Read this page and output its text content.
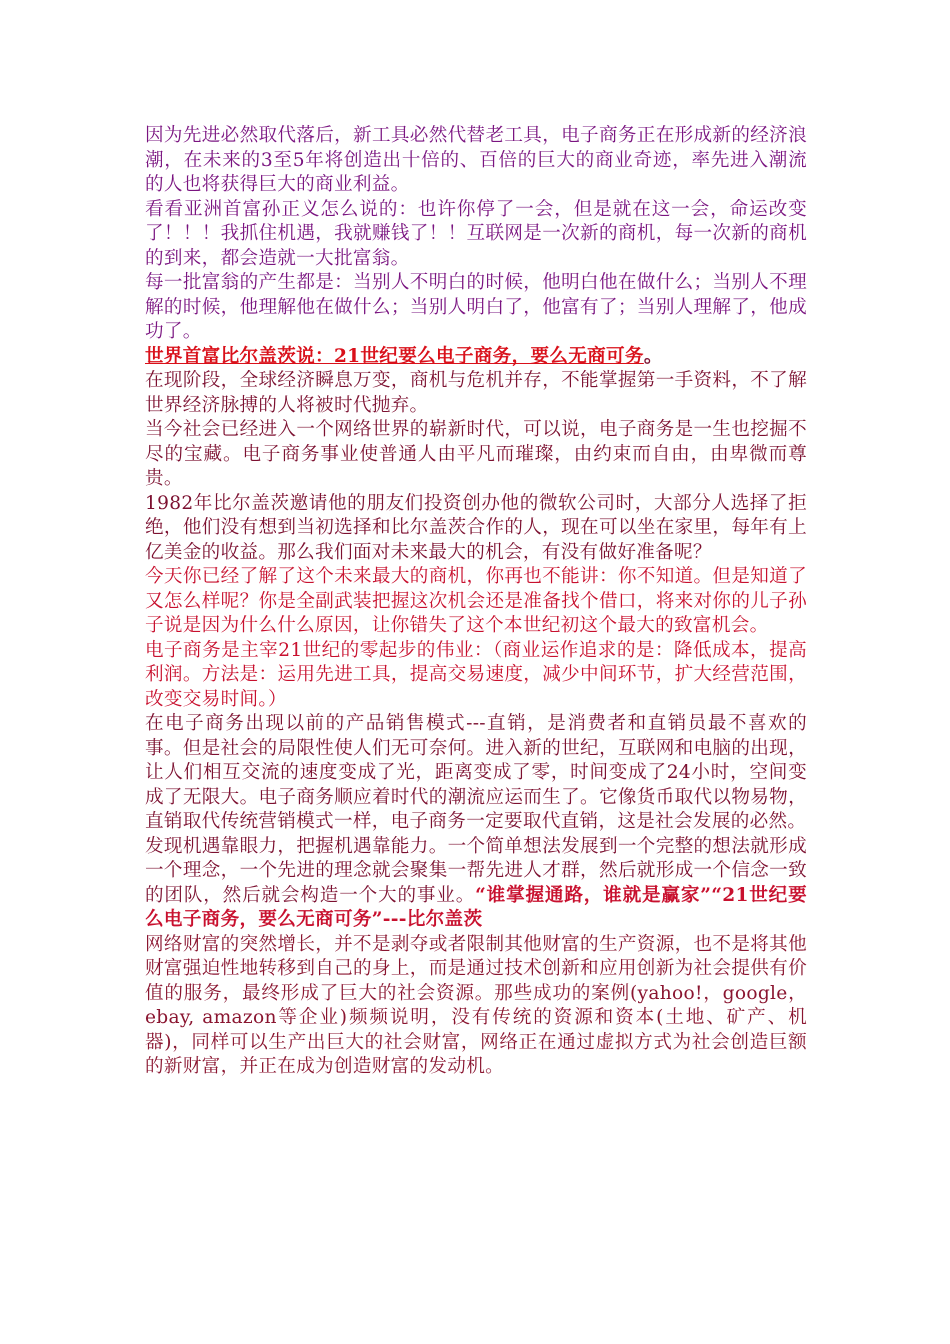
因为先进必然取代落后，新工具必然代替老工具，电子商务正在形成新的经济浪潮，在未来的3至5年将创造出十倍的、百倍的巨大的商业奇迹，率先进入潮流的人也将获得巨大的商业利益。

看看亚洲首富孙正义怎么说的：也许你停了一会，但是就在这一会，命运改变了！！！我抓住机遇，我就赚钱了！！互联网是一次新的商机，每一次新的商机的到来，都会造就一大批富翁。

每一批富翁的产生都是：当别人不明白的时候，他明白他在做什么；当别人不理解的时候，他理解他在做什么；当别人明白了，他富有了；当别人理解了，他成功了。

世界首富比尔盖茨说：21世纪要么电子商务，要么无商可务。

在现阶段，全球经济瞬息万变，商机与危机并存，不能掌握第一手资料，不了解世界经济脉搏的人将被时代抛弃。

当今社会已经进入一个网络世界的崭新时代，可以说，电子商务是一生也挖掘不尽的宝藏。电子商务事业使普通人由平凡而璀璨，由约束而自由，由卑微而尊贵。

1982年比尔盖茨邀请他的朋友们投资创办他的微软公司时，大部分人选择了拒绝，他们没有想到当初选择和比尔盖茨合作的人，现在可以坐在家里，每年有上亿美金的收益。那么我们面对未来最大的机会，有没有做好准备呢？

今天你已经了解了这个未来最大的商机，你再也不能讲：你不知道。但是知道了又怎么样呢？你是全副武装把握这次机会还是准备找个借口，将来对你的儿子孙子说是因为什么什么原因，让你错失了这个本世纪初这个最大的致富机会。

电子商务是主宰21世纪的零起步的伟业：（商业运作追求的是：降低成本，提高利润。方法是：运用先进工具，提高交易速度，减少中间环节，扩大经营范围，改变交易时间。）

在电子商务出现以前的产品销售模式---直销，是消费者和直销员最不喜欢的事。但是社会的局限性使人们无可奈何。进入新的世纪，互联网和电脑的出现，让人们相互交流的速度变成了光，距离变成了零，时间变成了24小时，空间变成了无限大。电子商务顺应着时代的潮流应运而生了。它像货币取代以物易物，直销取代传统营销模式一样，电子商务一定要取代直销，这是社会发展的必然。

发现机遇靠眼力，把握机遇靠能力。一个简单想法发展到一个完整的想法就形成一个理念，一个先进的理念就会聚集一帮先进人才群，然后就形成一个信念一致的团队，然后就会构造一个大的事业。“谁掌握通路，谁就是赢家”“21世纪要么电子商务，要么无商可务”---比尔盖茨

网络财富的突然增长，并不是剥夺或者限制其他财富的生产资源，也不是将其他财富强迫性地转移到自己的身上，而是通过技术创新和应用创新为社会提供有价值的服务，最终形成了巨大的社会资源。那些成功的案例(yahoo!，google，ebay, amazon等企业)频频说明，没有传统的资源和资本(土地、矿产、机器)，同样可以生产出巨大的社会财富，网络正在通过虚拟方式为社会创造巨额的新财富，并正在成为创造财富的发动机。
